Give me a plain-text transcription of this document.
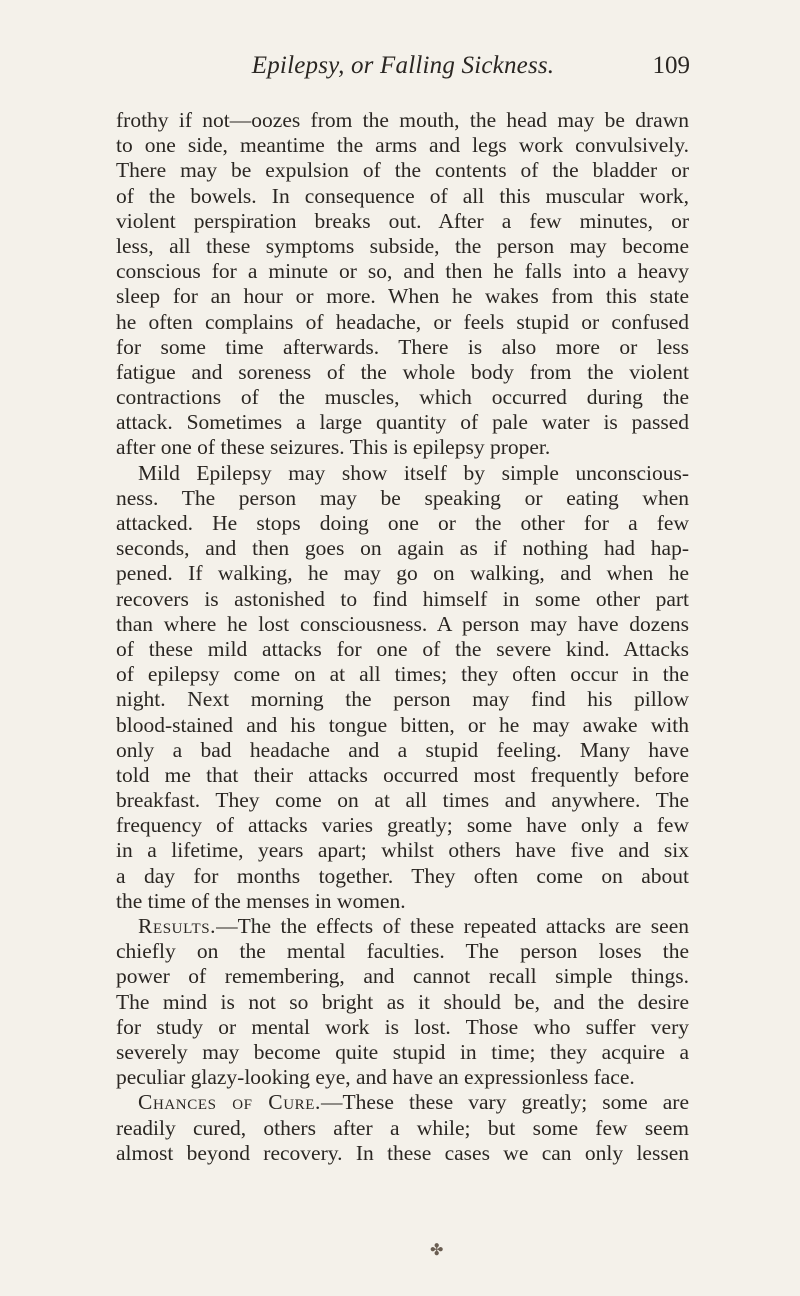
Epilepsy, or Falling Sickness.	109
frothy if not—oozes from the mouth, the head may be drawn
to one side, meantime the arms and legs work convulsively.
There may be expulsion of the contents of the bladder or
of the bowels. In consequence of all this muscular work,
violent perspiration breaks out. After a few minutes, or
less, all these symptoms subside, the person may become
conscious for a minute or so, and then he falls into a heavy
sleep for an hour or more. When he wakes from this state
he often complains of headache, or feels stupid or confused
for some time afterwards. There is also more or less
fatigue and soreness of the whole body from the violent
contractions of the muscles, which occurred during the
attack. Sometimes a large quantity of pale water is passed
after one of these seizures. This is epilepsy proper.
Mild Epilepsy may show itself by simple unconscious-
ness. The person may be speaking or eating when
attacked. He stops doing one or the other for a few
seconds, and then goes on again as if nothing had hap-
pened. If walking, he may go on walking, and when he
recovers is astonished to find himself in some other part
than where he lost consciousness. A person may have dozens
of these mild attacks for one of the severe kind. Attacks
of epilepsy come on at all times; they often occur in the
night. Next morning the person may find his pillow
blood-stained and his tongue bitten, or he may awake with
only a bad headache and a stupid feeling. Many have
told me that their attacks occurred most frequently before
breakfast. They come on at all times and anywhere. The
frequency of attacks varies greatly; some have only a few
in a lifetime, years apart; whilst others have five and six
a day for months together. They often come on about
the time of the menses in women.
Results.—The the effects of these repeated attacks are seen
chiefly on the mental faculties. The person loses the
power of remembering, and cannot recall simple things.
The mind is not so bright as it should be, and the desire
for study or mental work is lost. Those who suffer very
severely may become quite stupid in time; they acquire a
peculiar glazy-looking eye, and have an expressionless face.
Chances of Cure.—These these vary greatly; some are
readily cured, others after a while; but some few seem
almost beyond recovery. In these cases we can only lessen
✤
